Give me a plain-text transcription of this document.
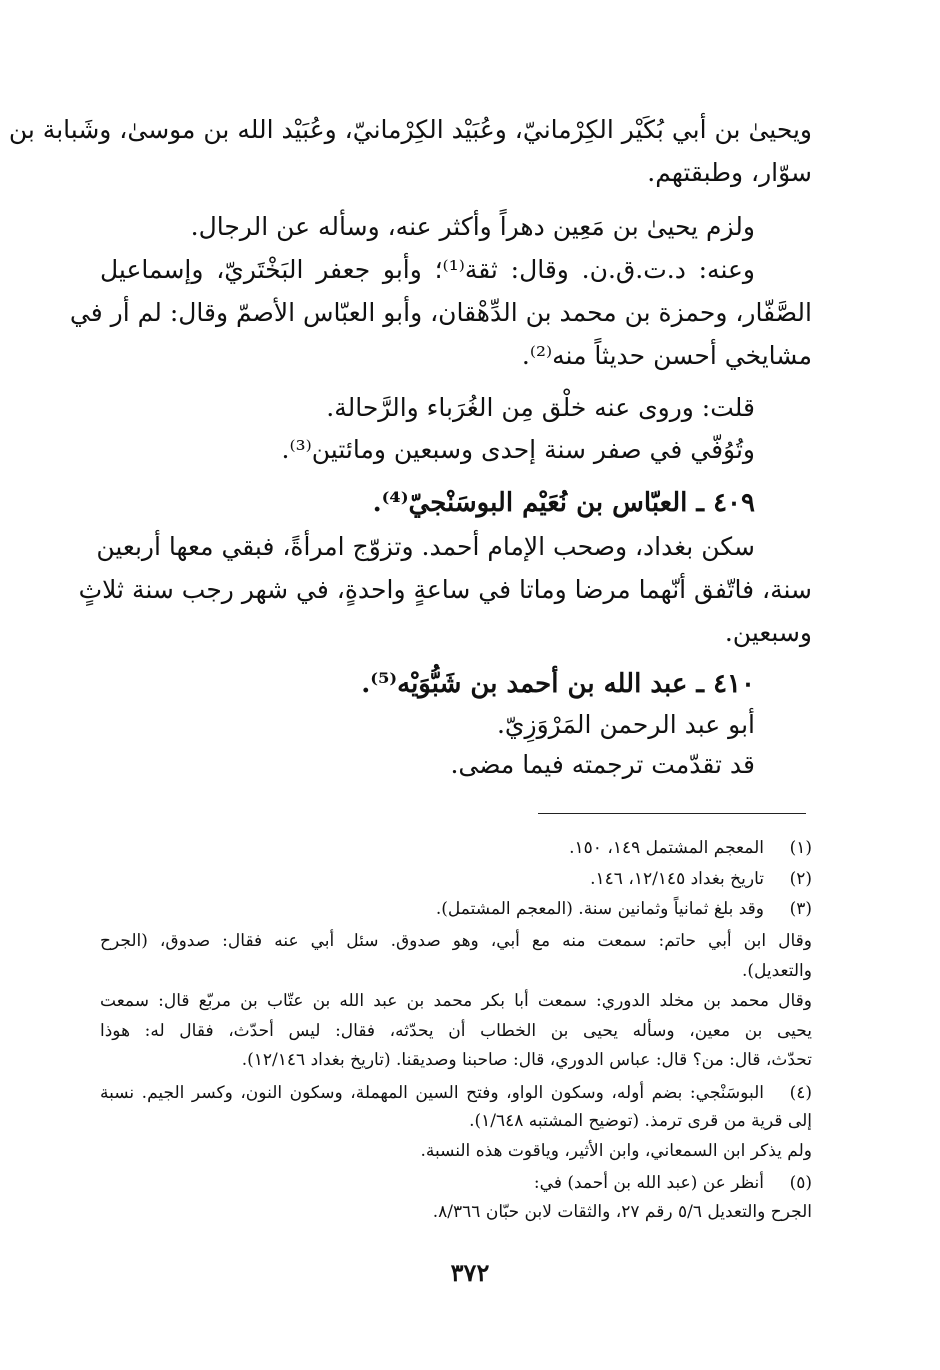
ويحيىٰ بن أبي بُكَيْر الكِرْمانيّ، وعُبَيْد الكِرْمانيّ، وعُبَيْد الله بن موسىٰ، وشَبابة بن
سوّار، وطبقتهم.
ولزم يحيىٰ بن مَعِين دهراً وأكثر عنه، وسأله عن الرجال.
وعنه: د.ت.ق.ن. وقال: ثقة⁽¹⁾؛ وأبو جعفر البَخْتَريّ، وإسماعيل
الصَّفّار، وحمزة بن محمد بن الدِّهْقان، وأبو العبّاس الأصمّ وقال: لم أر في
مشايخي أحسن حديثاً منه⁽²⁾.
قلت: وروى عنه خلْق مِن الغُرَباء والرَّحالة.
وتُوُفّي في صفر سنة إحدى وسبعين ومائتين⁽³⁾.
٤٠٩ ـ العبّاس بن نُعَيْم البوسَنْجيّ⁽⁴⁾.
سكن بغداد، وصحب الإمام أحمد. وتزوّج امرأةً، فبقي معها أربعين
سنة، فاتّفق أنّهما مرضا وماتا في ساعةٍ واحدةٍ، في شهر رجب سنة ثلاثٍ
وسبعين.
٤١٠ ـ عبد الله بن أحمد بن شَبُّوَيْه⁽⁵⁾.
أبو عبد الرحمن المَرْوَزِيّ.
قد تقدّمت ترجمته فيما مضى.
(١)
المعجم المشتمل ١٤٩، ١٥٠.
(٢)
تاريخ بغداد ١٢/١٤٥، ١٤٦.
(٣)
وقد بلغ ثمانياً وثمانين سنة. (المعجم المشتمل).
وقال ابن أبي حاتم: سمعت منه مع أبي، وهو صدوق. سئل أبي عنه فقال: صدوق، (الجرح
والتعديل).
وقال محمد بن مخلد الدوري: سمعت أبا بكر محمد بن عبد الله بن عتّاب بن مربّع قال: سمعت
يحيى بن معين، وسأله يحيى بن الخطاب أن يحدّثه، فقال: ليس أحدّث، فقال له: هوذا
تحدّث، قال: من؟ قال: عباس الدوري، قال: صاحبنا وصديقنا. (تاريخ بغداد ١٢/١٤٦).
(٤)
البوسَنْجي: بضم أوله، وسكون الواو، وفتح السين المهملة، وسكون النون، وكسر الجيم. نسبة
إلى قرية من قرى ترمذ. (توضيح المشتبه ١/٦٤٨).
ولم يذكر ابن السمعاني، وابن الأثير، وياقوت هذه النسبة.
(٥)
أنظر عن (عبد الله بن أحمد) في:
الجرح والتعديل ٥/٦ رقم ٢٧، والثقات لابن حبّان ٨/٣٦٦.
٣٧٢
